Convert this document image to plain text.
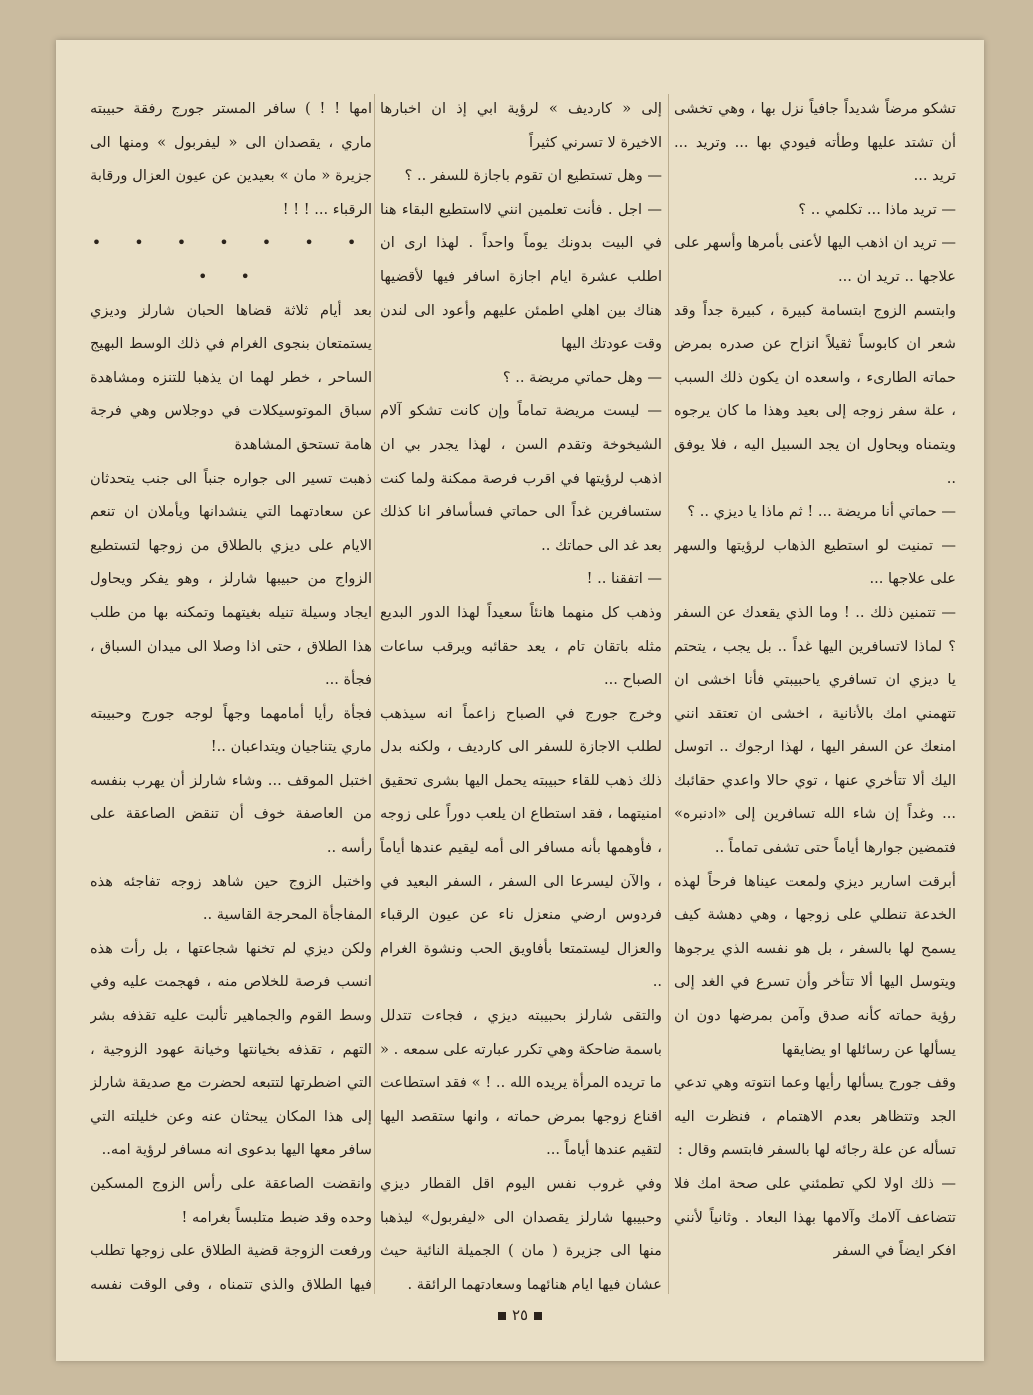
تشكو مرضاً شديداً جافياً نزل بها ، وهي تخشى أن تشتد عليها وطأته فيودي بها ... وتريد ... تريد ...

— تريد ماذا ... تكلمي .. ؟

— تريد ان اذهب اليها لأعنى بأمرها وأسهر على علاجها .. تريد ان ...

وابتسم الزوج ابتسامة كبيرة ، كبيرة جداً وقد شعر ان كابوساً ثقيلاً انزاح عن صدره بمرض حماته الطارىء ، واسعده ان يكون ذلك السبب ، علة سفر زوجه إلى بعيد وهذا ما كان يرجوه ويتمناه ويحاول ان يجد السبيل اليه ، فلا يوفق ..

— حماتي أنا مريضة ... ! ثم ماذا يا ديزي .. ؟

— تمنيت لو استطيع الذهاب لرؤيتها والسهر على علاجها ...

— تتمنين ذلك .. ! وما الذي يقعدك عن السفر ؟ لماذا لاتسافرين اليها غداً .. بل يجب ، يتحتم يا ديزي ان تسافري ياحبيبتي فأنا اخشى ان تتهمني امك بالأنانية ، اخشى ان تعتقد انني امنعك عن السفر اليها ، لهذا ارجوك .. اتوسل اليك ألا تتأخري عنها ، توي حالا واعدي حقائبك ... وغداً إن شاء الله تسافرين إلى «ادنبره» فتمضين جوارها أياماً حتى تشفى تماماً ..

أبرقت اسارير ديزي ولمعت عيناها فرحاً لهذه الخدعة تنطلي على زوجها ، وهي دهشة كيف يسمح لها بالسفر ، بل هو نفسه الذي يرجوها ويتوسل اليها ألا تتأخر وأن تسرع في الغد إلى رؤية حماته كأنه صدق وآمن بمرضها دون ان يسألها عن رسائلها او يضايقها

وقف جورج يسألها رأيها وعما انتوته وهي تدعي الجد وتتظاهر بعدم الاهتمام ، فنظرت اليه تسأله عن علة رجائه لها بالسفر فابتسم وقال :

— ذلك اولا لكي تطمئني على صحة امك فلا تتضاعف آلامك وآلامها بهذا البعاد . وثانياً لأنني افكر ايضاً في السفر

إلى « كارديف » لرؤية ابي إذ ان اخبارها الاخيرة لا تسرني كثيراً

— وهل تستطيع ان تقوم باجازة للسفر .. ؟

— اجل . فأنت تعلمين انني لااستطيع البقاء هنا في البيت بدونك يوماً واحداً . لهذا ارى ان اطلب عشرة ايام اجازة اسافر فيها لأقضيها هناك بين اهلي اطمئن عليهم وأعود الى لندن وقت عودتك اليها

— وهل حماتي مريضة .. ؟

— ليست مريضة تماماً وإن كانت تشكو آلام الشيخوخة وتقدم السن ، لهذا يجدر بي ان اذهب لرؤيتها في اقرب فرصة ممكنة ولما كنت ستسافرين غداً الى حماتي فسأسافر انا كذلك بعد غد الى حماتك ..

— اتفقنا .. !

وذهب كل منهما هانئاً سعيداً لهذا الدور البديع مثله باتقان تام ، يعد حقائبه ويرقب ساعات الصباح ...

وخرج جورج في الصباح زاعماً انه سيذهب لطلب الاجازة للسفر الى كارديف ، ولكنه بدل ذلك ذهب للقاء حبيبته يحمل اليها بشرى تحقيق امنيتهما ، فقد استطاع ان يلعب دوراً على زوجه ، فأوهمها بأنه مسافر الى أمه ليقيم عندها أياماً ، والآن ليسرعا الى السفر ، السفر البعيد في فردوس ارضي منعزل ناء عن عيون الرقباء والعزال ليستمتعا بأفاويق الحب ونشوة الغرام ..

والتقى شارلز بحبيبته ديزي ، فجاءت تتدلل باسمة ضاحكة وهي تكرر عبارته على سمعه . « ما تريده المرأة يريده الله .. ! » فقد استطاعت اقناع زوجها بمرض حماته ، وانها ستقصد اليها لتقيم عندها أياماً ...

وفي غروب نفس اليوم اقل القطار ديزي وحبيبها شارلز يقصدان الى «ليفربول» ليذهبا منها الى جزيرة ( مان ) الجميلة النائية حيث عشان فيها ايام هنائهما وسعادتهما الرائقة .

امها ! ! ) سافر المستر جورج رفقة حبيبته ماري ، يقصدان الى « ليفربول » ومنها الى جزيرة « مان » بعيدين عن عيون العزال ورقابة الرقباء ... ! ! !

• • • • • • • • •

بعد أيام ثلاثة قضاها الحبان شارلز وديزي يستمتعان بنجوى الغرام في ذلك الوسط البهيج الساحر ، خطر لهما ان يذهبا للتنزه ومشاهدة سباق الموتوسيكلات في دوجلاس وهي فرجة هامة تستحق المشاهدة

ذهبت تسير الى جواره جنباً الى جنب يتحدثان عن سعادتهما التي ينشدانها ويأملان ان تنعم الايام على ديزي بالطلاق من زوجها لتستطيع الزواج من حبيبها شارلز ، وهو يفكر ويحاول ايجاد وسيلة تنيله بغيتهما وتمكنه بها من طلب هذا الطلاق ، حتى اذا وصلا الى ميدان السباق ، فجأة ...

فجأة رأيا أمامهما وجهاً لوجه جورج وحبيبته ماري يتناجيان ويتداعبان ..!

اختبل الموقف ... وشاء شارلز أن يهرب بنفسه من العاصفة خوف أن تنقض الصاعقة على رأسه ..

واختبل الزوج حين شاهد زوجه تفاجئه هذه المفاجأة المحرجة القاسية ..

ولكن ديزي لم تخنها شجاعتها ، بل رأت هذه انسب فرصة للخلاص منه ، فهجمت عليه وفي وسط القوم والجماهير تألبت عليه تقذفه بشر التهم ، تقذفه بخيانتها وخيانة عهود الزوجية ، التي اضطرتها لتتبعه لحضرت مع صديقة شارلز إلى هذا المكان يبحثان عنه وعن خليلته التي سافر معها اليها بدعوى انه مسافر لرؤية امه..

وانقضت الصاعقة على رأس الزوج المسكين وحده وقد ضبط متلبساً بغرامه !

ورفعت الزوجة قضية الطلاق على زوجها تطلب فيها الطلاق والذي تتمناه ، وفي الوقت نفسه

٢٥
